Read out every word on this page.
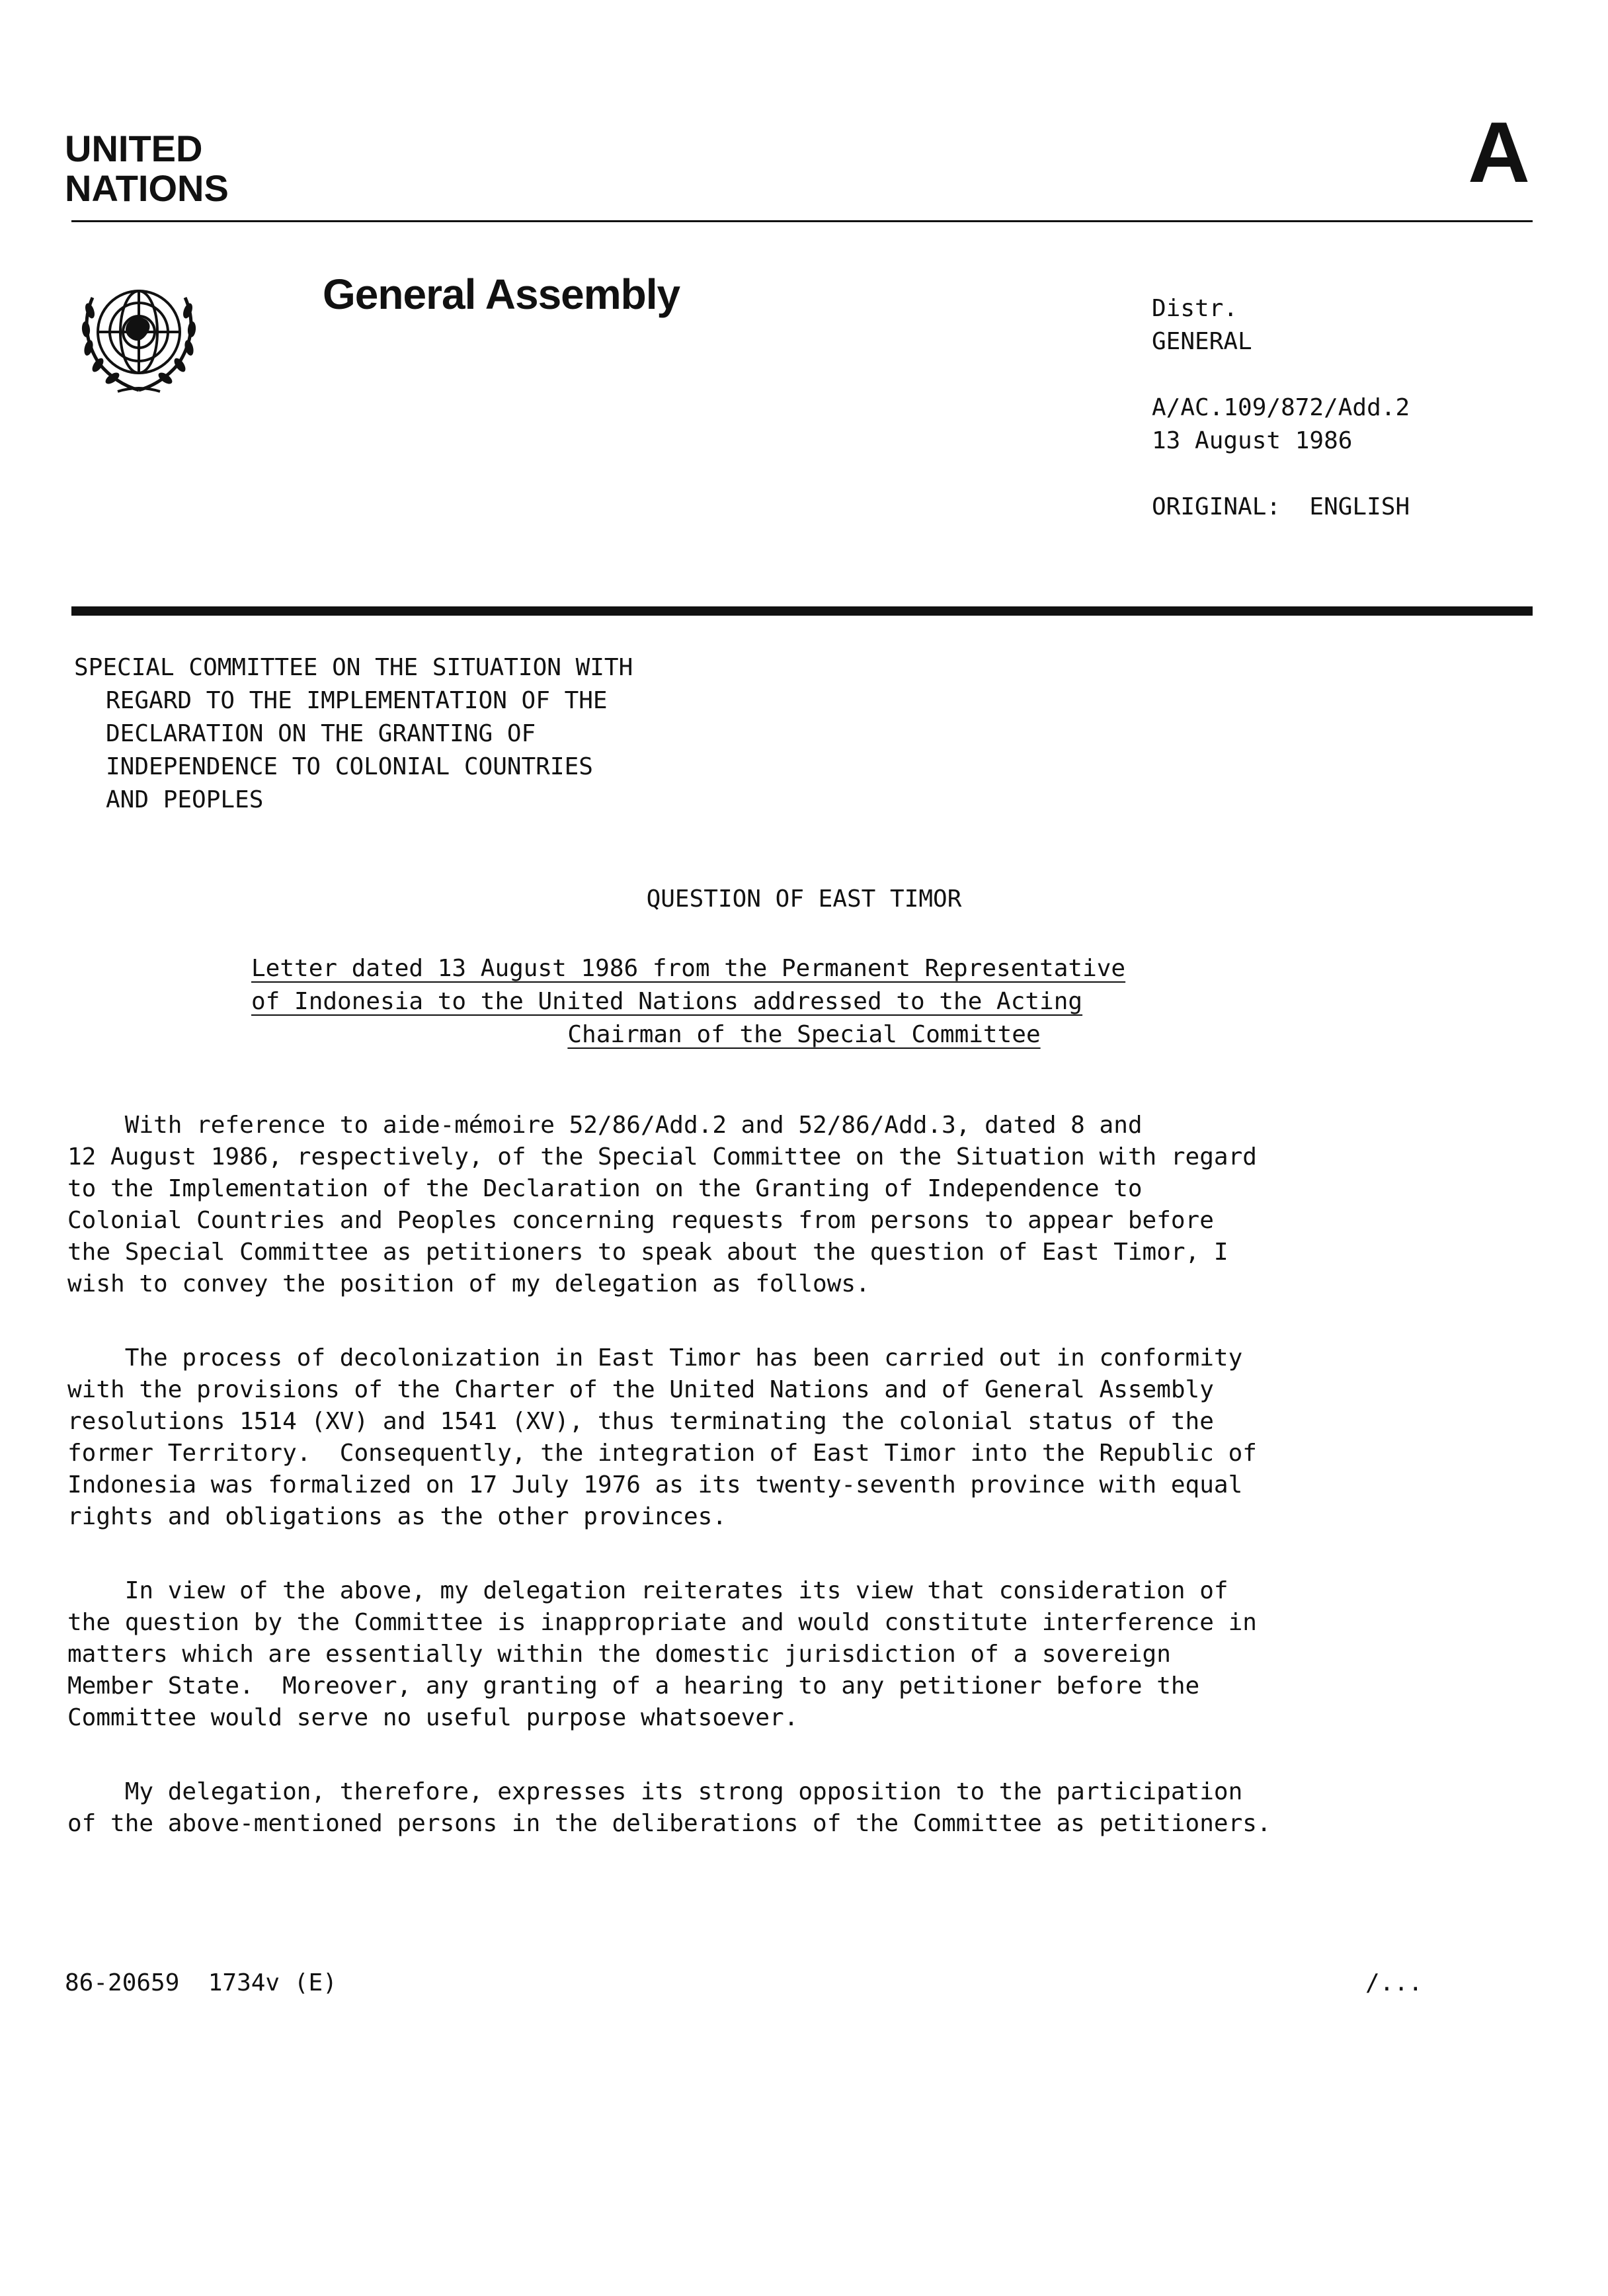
UNITED
NATIONS	A
General Assembly	Distr.
GENERAL
A/AC.109/872/Add.2
13 August 1986
ORIGINAL:  ENGLISH
SPECIAL COMMITTEE ON THE SITUATION WITH
REGARD TO THE IMPLEMENTATION OF THE
DECLARATION ON THE GRANTING OF
INDEPENDENCE TO COLONIAL COUNTRIES
AND PEOPLES
QUESTION OF EAST TIMOR
Letter dated 13 August 1986 from the Permanent Representative
of Indonesia to the United Nations addressed to the Acting
Chairman of the Special Committee
With reference to aide-mémoire 52/86/Add.2 and 52/86/Add.3, dated 8 and
12 August 1986, respectively, of the Special Committee on the Situation with regard
to the Implementation of the Declaration on the Granting of Independence to
Colonial Countries and Peoples concerning requests from persons to appear before
the Special Committee as petitioners to speak about the question of East Timor, I
wish to convey the position of my delegation as follows.
The process of decolonization in East Timor has been carried out in conformity
with the provisions of the Charter of the United Nations and of General Assembly
resolutions 1514 (XV) and 1541 (XV), thus terminating the colonial status of the
former Territory.  Consequently, the integration of East Timor into the Republic of
Indonesia was formalized on 17 July 1976 as its twenty-seventh province with equal
rights and obligations as the other provinces.
In view of the above, my delegation reiterates its view that consideration of
the question by the Committee is inappropriate and would constitute interference in
matters which are essentially within the domestic jurisdiction of a sovereign
Member State.  Moreover, any granting of a hearing to any petitioner before the
Committee would serve no useful purpose whatsoever.
My delegation, therefore, expresses its strong opposition to the participation
of the above-mentioned persons in the deliberations of the Committee as petitioners.
86-20659  1734v (E)	/...
